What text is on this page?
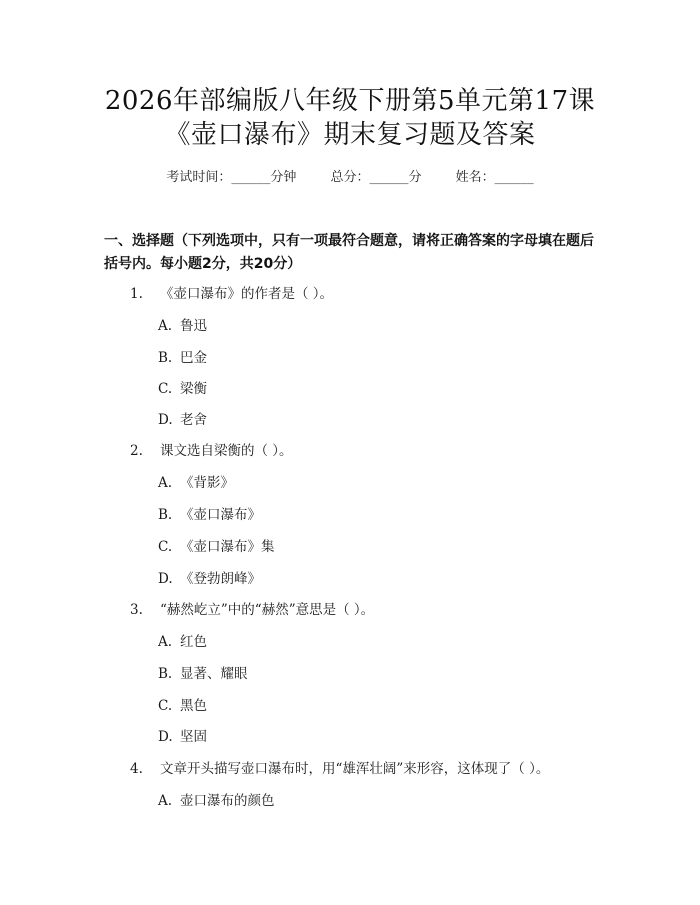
2026年部编版八年级下册第5单元第17课
《壶口瀑布》期末复习题及答案
考试时间：______分钟	总分：______分	姓名：______
一、选择题（下列选项中，只有一项最符合题意，请将正确答案的字母填在题后括号内。每小题2分，共20分）
1. 《壶口瀑布》的作者是（ ）。
A. 鲁迅
B. 巴金
C. 梁衡
D. 老舍
2. 课文选自梁衡的（ ）。
A. 《背影》
B. 《壶口瀑布》
C. 《壶口瀑布》集
D. 《登勃朗峰》
3. “赫然屹立”中的“赫然”意思是（ ）。
A. 红色
B. 显著、耀眼
C. 黑色
D. 坚固
4. 文章开头描写壶口瀑布时，用“雄浑壮阔”来形容，这体现了（ ）。
A. 壶口瀑布的颜色
